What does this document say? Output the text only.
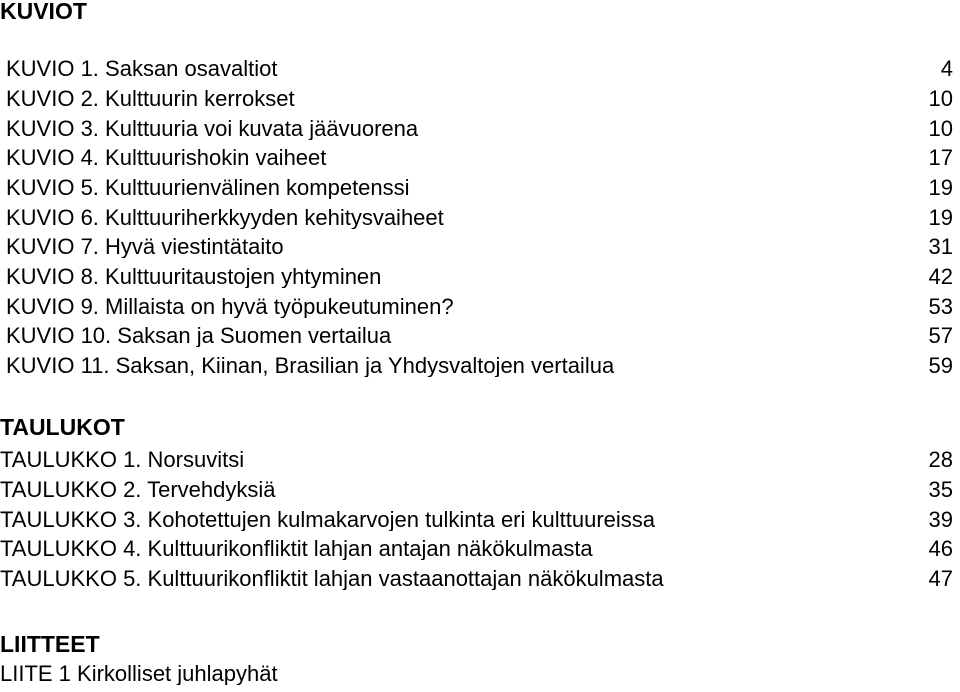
KUVIOT
KUVIO 1. Saksan osavaltiot	4
KUVIO 2. Kulttuurin kerrokset	10
KUVIO 3. Kulttuuria voi kuvata jäävuorena	10
KUVIO 4. Kulttuurishokin vaiheet	17
KUVIO 5. Kulttuurienvälinen kompetenssi	19
KUVIO 6. Kulttuuriherkkyyden kehitysvaiheet	19
KUVIO 7. Hyvä viestintätaito	31
KUVIO 8. Kulttuuritaustojen yhtyminen	42
KUVIO 9. Millaista on hyvä työpukeutuminen?	53
KUVIO 10. Saksan ja Suomen vertailua	57
KUVIO 11. Saksan, Kiinan, Brasilian ja Yhdysvaltojen vertailua	59
TAULUKOT
TAULUKKO 1. Norsuvitsi	28
TAULUKKO 2. Tervehdyksiä	35
TAULUKKO 3. Kohotettujen kulmakarvojen tulkinta eri kulttuureissa	39
TAULUKKO 4. Kulttuurikonfliktit lahjan antajan näkökulmasta	46
TAULUKKO 5. Kulttuurikonfliktit lahjan vastaanottajan näkökulmasta	47
LIITTEET
LIITE 1 Kirkolliset juhlapyhät
